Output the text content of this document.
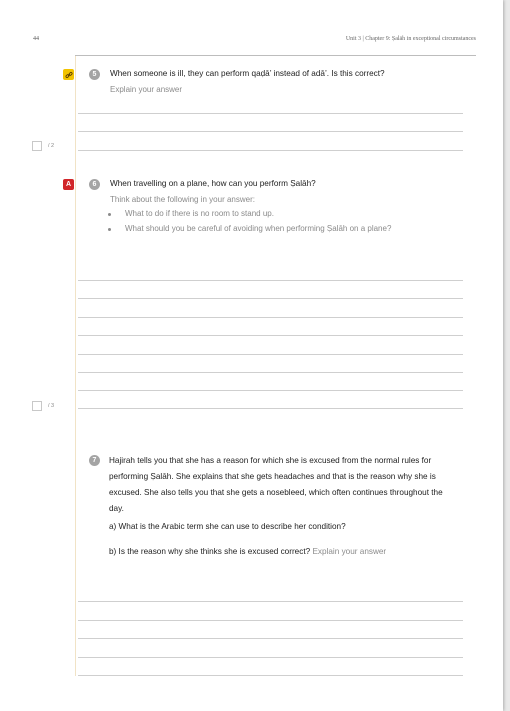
44	Unit 3 | Chapter 9: Ṣalāh in exceptional circumstances
5	When someone is ill, they can perform qaḍā’ instead of adā’. Is this correct?
Explain your answer
/ 2
A	6	When travelling on a plane, how can you perform Ṣalāh?
Think about the following in your answer:
What to do if there is no room to stand up.
What should you be careful of avoiding when performing Ṣalāh on a plane?
/ 3
7	Hajirah tells you that she has a reason for which she is excused from the normal rules for performing Ṣalāh. She explains that she gets headaches and that is the reason why she is excused. She also tells you that she gets a nosebleed, which often continues throughout the day.
a) What is the Arabic term she can use to describe her condition?
b) Is the reason why she thinks she is excused correct? Explain your answer
